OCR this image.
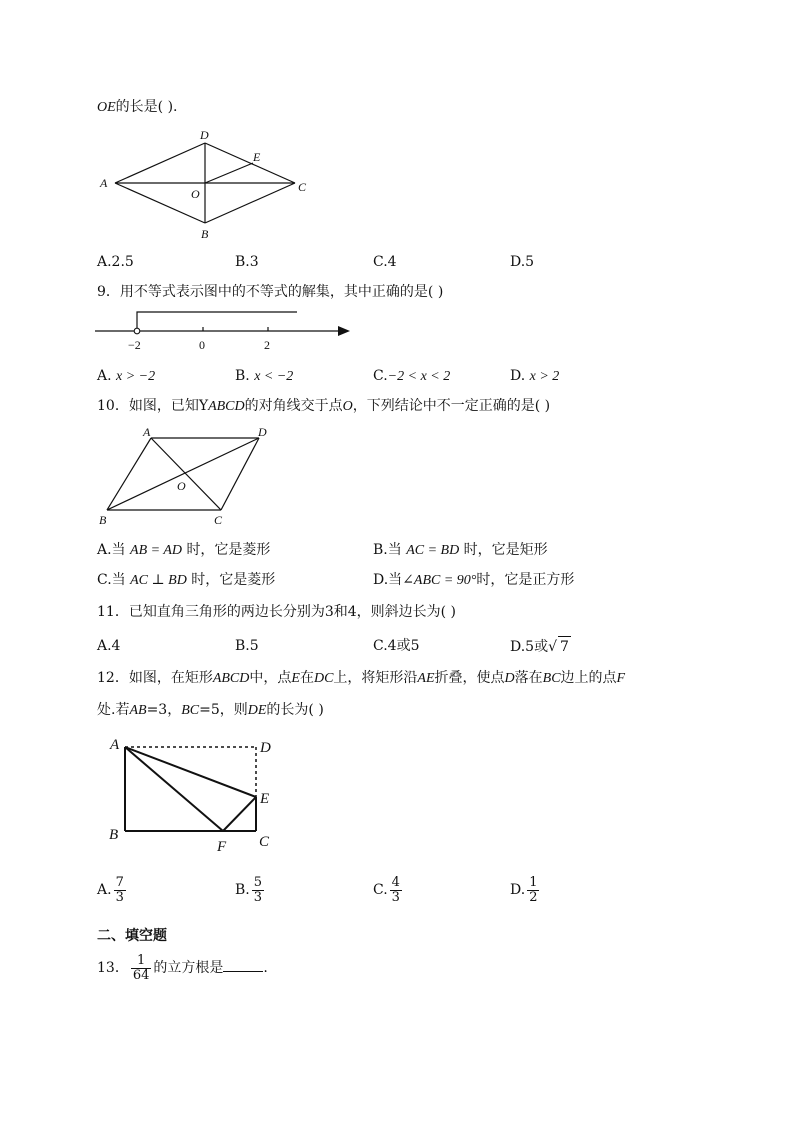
OE的长是( ).
A
D
E
O	C
B
A.2.5	B.3	C.4	D.5
9．用不等式表示图中的不等式的解集，其中正确的是( )
−2	0	2
A. x > −2	B. x < −2	C.−2 < x < 2	D. x > 2
10．如图，已知YABCD的对角线交于点O，下列结论中不一定正确的是( )
A	D
O
B	C
A.当 AB = AD 时，它是菱形	B.当 AC = BD 时，它是矩形
C.当 AC ⊥ BD 时，它是菱形	D.当∠ABC = 90°时，它是正方形
11．已知直角三角形的两边长分别为3和4，则斜边长为( )
A.4	B.5	C.4或5	D.5或√ 7
12．如图，在矩形ABCD中，点E在DC上，将矩形沿AE折叠，使点D落在BC边上的点F
处.若AB=3，BC=5，则DE的长为( )
A	D
E
B
F C
A. $\frac{7}{3}$	B. $\frac{5}{3}$	C. $\frac{4}{3}$	D. $\frac{1}{2}$
二、填空题
13． $\frac{1}{64}$ 的立方根是	.
